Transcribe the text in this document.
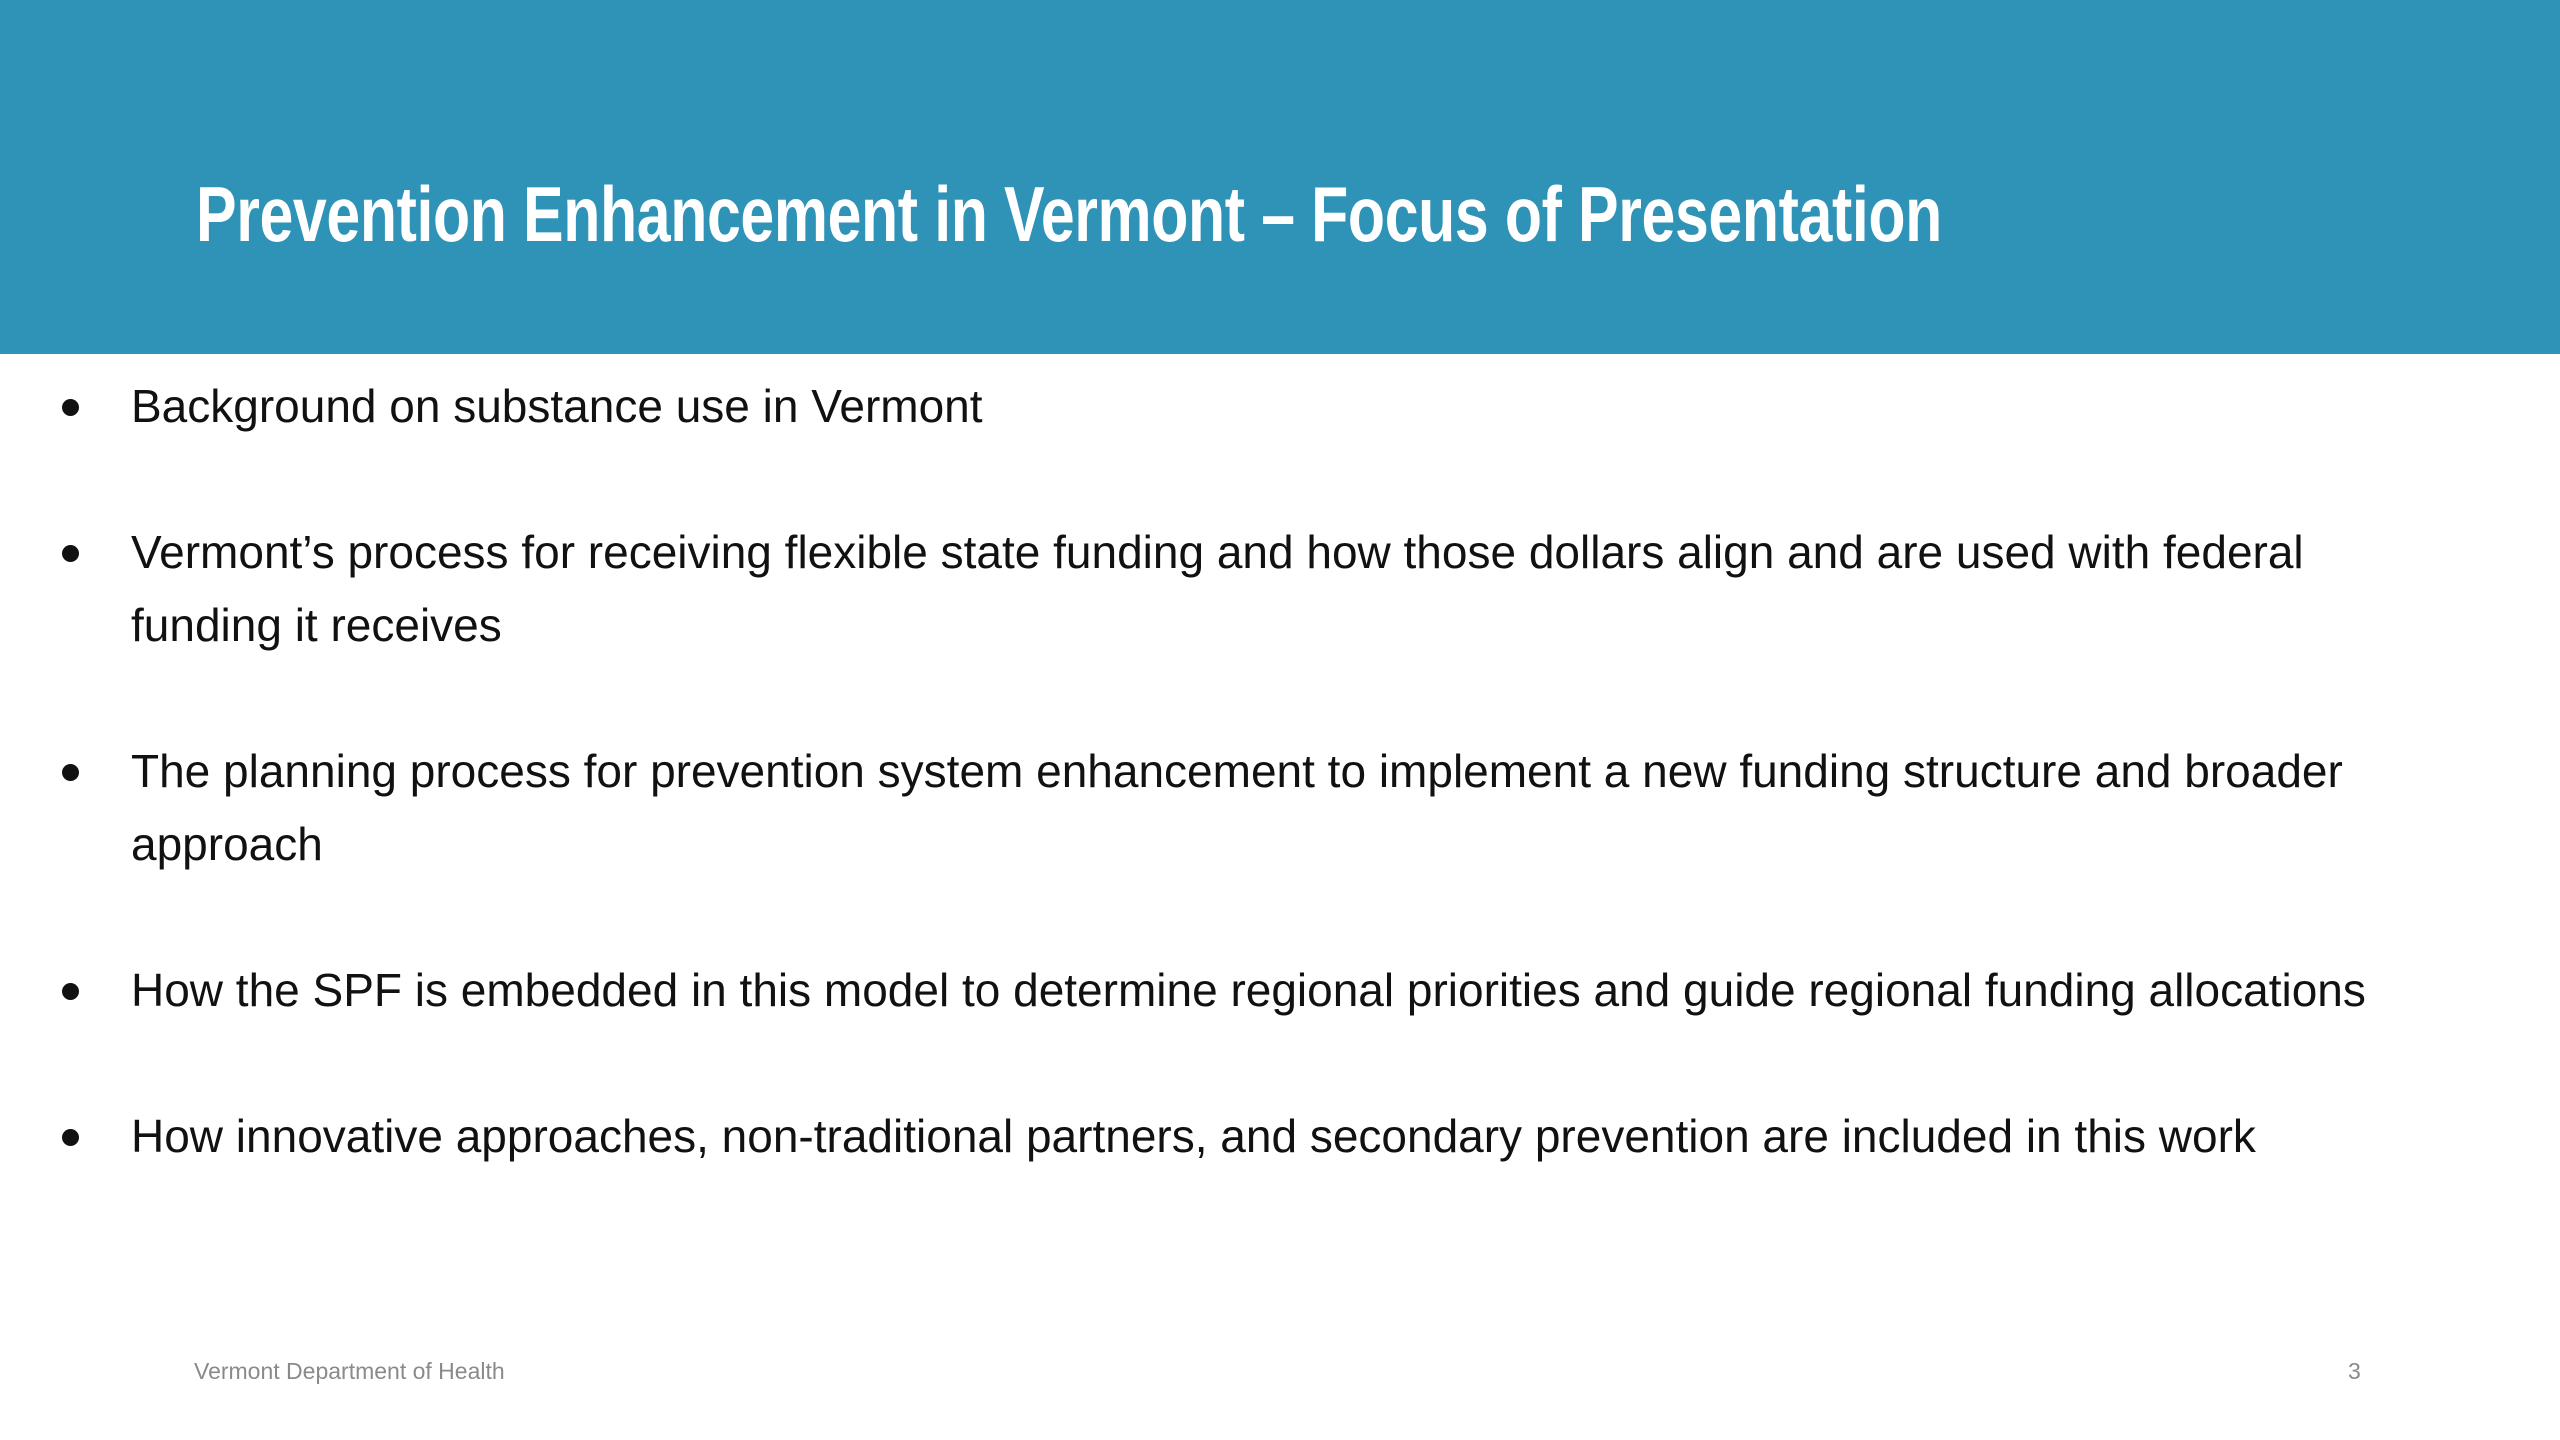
Prevention Enhancement in Vermont – Focus of Presentation
Background on substance use in Vermont
Vermont’s process for receiving flexible state funding and how those dollars align and are used with federal funding it receives
The planning process for prevention system enhancement to implement a new funding structure and broader approach
How the SPF is embedded in this model to determine regional priorities and guide regional funding allocations
How innovative approaches, non-traditional partners, and secondary prevention are included in this work
Vermont Department of Health	3
